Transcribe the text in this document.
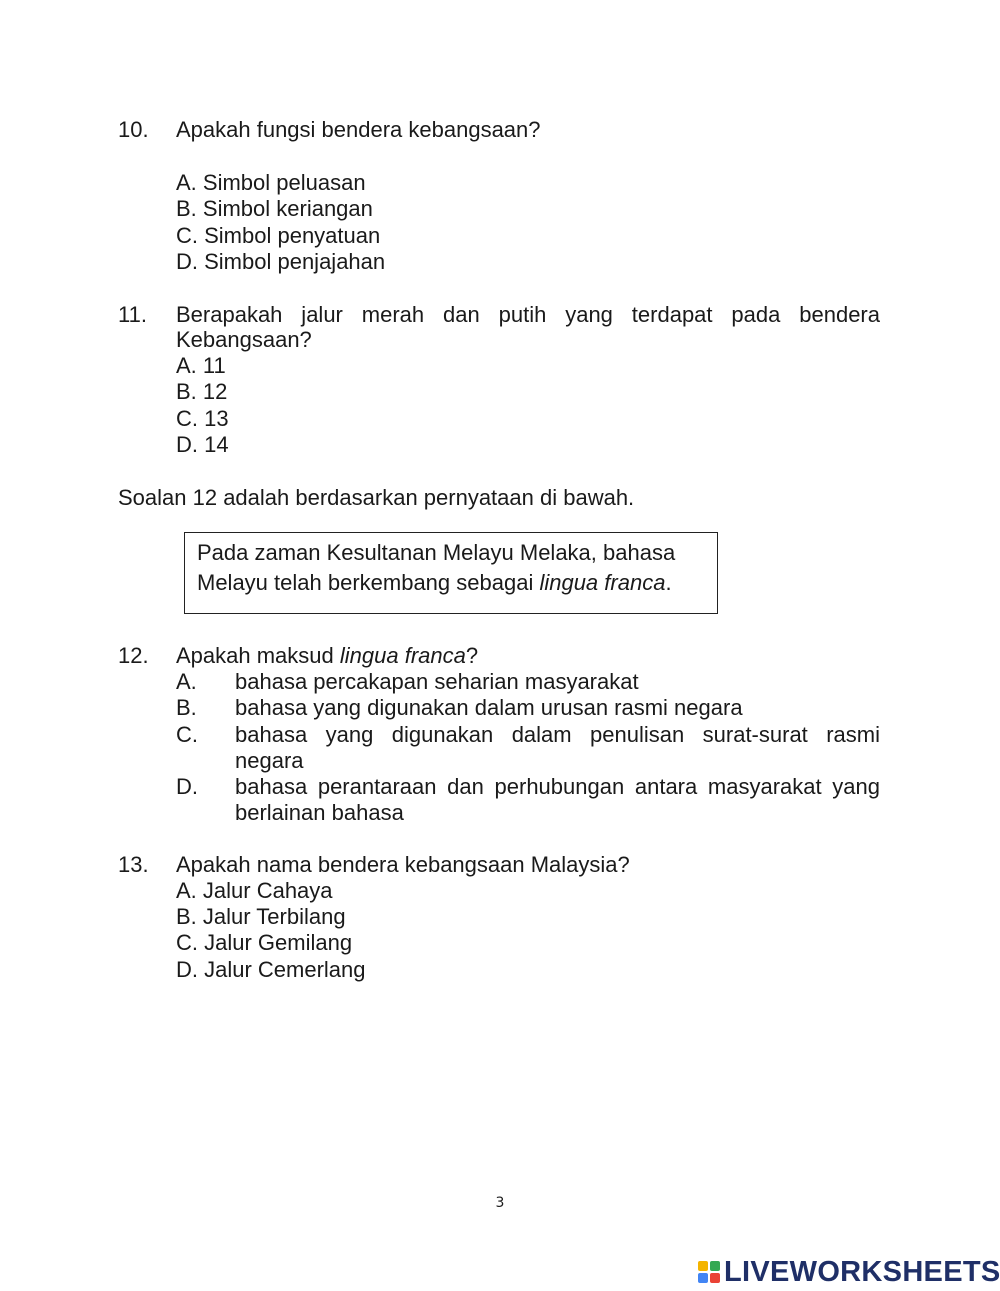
10. Apakah fungsi bendera kebangsaan?
A. Simbol peluasan
B. Simbol keriangan
C. Simbol penyatuan
D. Simbol penjajahan
11. Berapakah jalur merah dan putih yang terdapat pada bendera
Kebangsaan?
A. 11
B. 12
C. 13
D. 14
Soalan 12 adalah berdasarkan pernyataan di bawah.
Pada zaman Kesultanan Melayu Melaka, bahasa
Melayu telah berkembang sebagai lingua franca.
12. Apakah maksud lingua franca?
A. bahasa percakapan seharian masyarakat
B. bahasa yang digunakan dalam urusan rasmi negara
C. bahasa yang digunakan dalam penulisan surat-surat rasmi
negara
D. bahasa perantaraan dan perhubungan antara masyarakat yang
berlainan bahasa
13. Apakah nama bendera kebangsaan Malaysia?
A. Jalur Cahaya
B. Jalur Terbilang
C. Jalur Gemilang
D. Jalur Cemerlang
3
LIVEWORKSHEETS
